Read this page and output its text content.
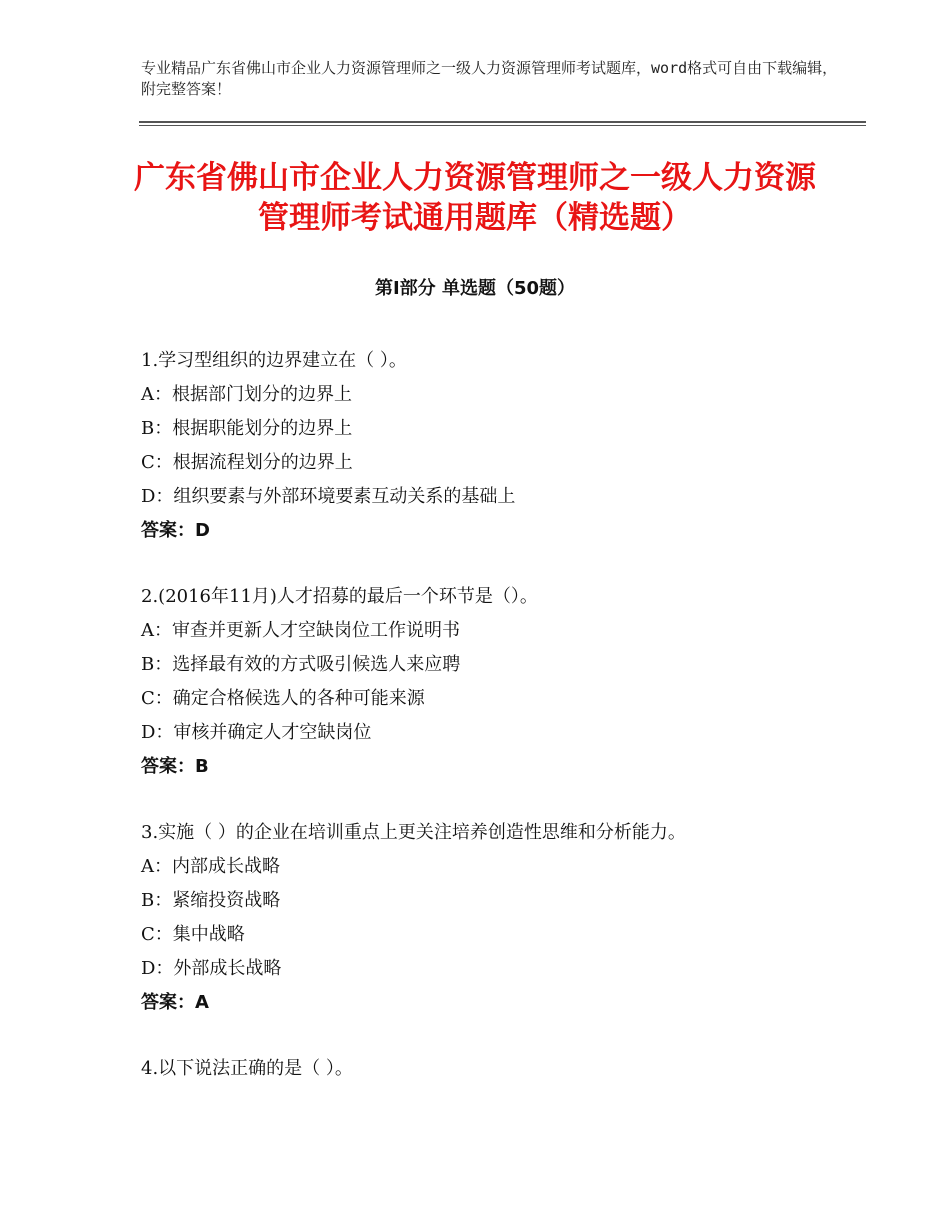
专业精品广东省佛山市企业人力资源管理师之一级人力资源管理师考试题库，word格式可自由下载编辑，附完整答案！
广东省佛山市企业人力资源管理师之一级人力资源管理师考试通用题库（精选题）
第Ⅰ部分 单选题（50题）
1.学习型组织的边界建立在（ ）。
A：根据部门划分的边界上
B：根据职能划分的边界上
C：根据流程划分的边界上
D：组织要素与外部环境要素互动关系的基础上
答案：D
2.(2016年11月)人才招募的最后一个环节是（）。
A：审查并更新人才空缺岗位工作说明书
B：选择最有效的方式吸引候选人来应聘
C：确定合格候选人的各种可能来源
D：审核并确定人才空缺岗位
答案：B
3.实施（ ）的企业在培训重点上更关注培养创造性思维和分析能力。
A：内部成长战略
B：紧缩投资战略
C：集中战略
D：外部成长战略
答案：A
4.以下说法正确的是（ ）。
